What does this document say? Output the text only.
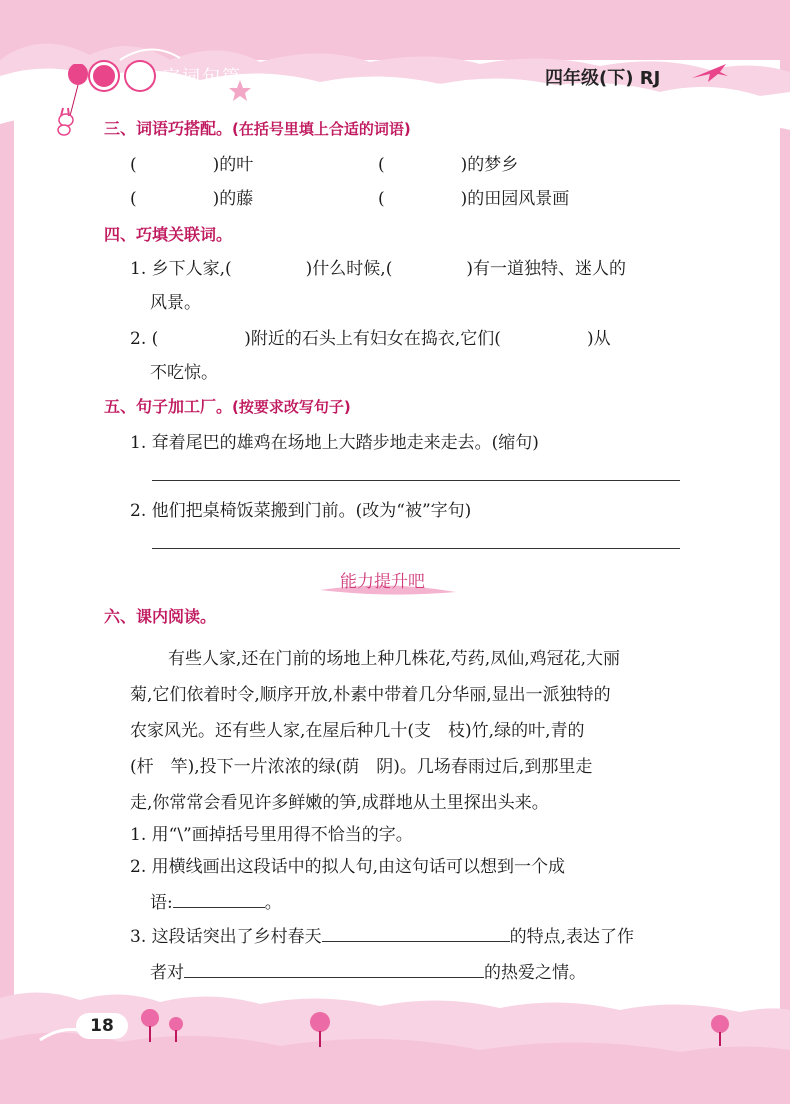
字词句篇	四年级(下) RJ
三、词语巧搭配。(在括号里填上合适的词语)
(	)的叶	(	)的梦乡
(	)的藤	(	)的田园风景画
四、巧填关联词。
1. 乡下人家,(	)什么时候,(	)有一道独特、迷人的
风景。
2. (	)附近的石头上有妇女在捣衣,它们(	)从
不吃惊。
五、句子加工厂。(按要求改写句子)
1. 耷着尾巴的雄鸡在场地上大踏步地走来走去。(缩句)
2. 他们把桌椅饭菜搬到门前。(改为“被”字句)
能力提升吧
六、课内阅读。
有些人家,还在门前的场地上种几株花,芍药,凤仙,鸡冠花,大丽
菊,它们依着时令,顺序开放,朴素中带着几分华丽,显出一派独特的
农家风光。还有些人家,在屋后种几十(支　枝)竹,绿的叶,青的
(杆　竿),投下一片浓浓的绿(荫　阴)。几场春雨过后,到那里走
走,你常常会看见许多鲜嫩的笋,成群地从土里探出头来。
1. 用“\”画掉括号里用得不恰当的字。
2. 用横线画出这段话中的拟人句,由这句话可以想到一个成
语:	。
3. 这段话突出了乡村春天	的特点,表达了作
者对	的热爱之情。
18
